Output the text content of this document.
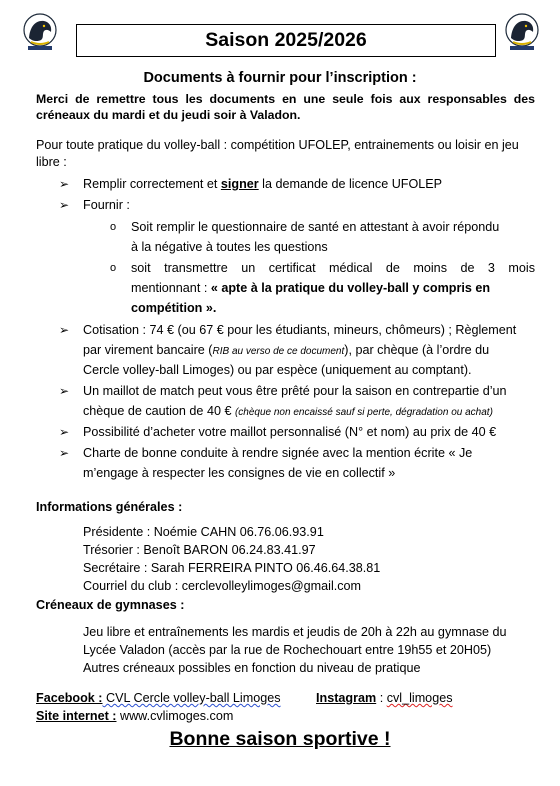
Saison 2025/2026
Documents à fournir pour l’inscription :
Merci de remettre tous les documents en une seule fois aux responsables des créneaux du mardi et du jeudi soir à Valadon.
Pour toute pratique du volley-ball : compétition UFOLEP, entrainements ou loisir en jeu libre :
➢ Remplir correctement et signer la demande de licence UFOLEP
➢ Fournir :
o Soit remplir le questionnaire de santé en attestant à avoir répondu
à la négative à toutes les questions
o soit transmettre un certificat médical de moins de 3 mois
mentionnant : « apte à la pratique du volley-ball y compris en
compétition ».
➢ Cotisation : 74 € (ou 67 € pour les étudiants, mineurs, chômeurs) ; Règlement
par virement bancaire (RIB au verso de ce document), par chèque (à l’ordre du
Cercle volley-ball Limoges) ou par espèce (uniquement au comptant).
➢ Un maillot de match peut vous être prêté pour la saison en contrepartie d’un
chèque de caution de 40 € (chèque non encaissé sauf si perte, dégradation ou achat)
➢ Possibilité d’acheter votre maillot personnalisé (N° et nom) au prix de 40 €
➢ Charte de bonne conduite à rendre signée avec la mention écrite « Je
m’engage à respecter les consignes de vie en collectif »
Informations générales :
Présidente : Noémie CAHN 06.76.06.93.91
Trésorier : Benoît BARON 06.24.83.41.97
Secrétaire : Sarah FERREIRA PINTO 06.46.64.38.81
Courriel du club : cerclevolleylimoges@gmail.com
Créneaux de gymnases :
Jeu libre et entraînements les mardis et jeudis de 20h à 22h au gymnase du
Lycée Valadon (accès par la rue de Rochechouart entre 19h55 et 20H05)
Autres créneaux possibles en fonction du niveau de pratique
Facebook : CVL Cercle volley-ball Limoges	Instagram : cvl_limoges
Site internet : www.cvlimoges.com
Bonne saison sportive !
